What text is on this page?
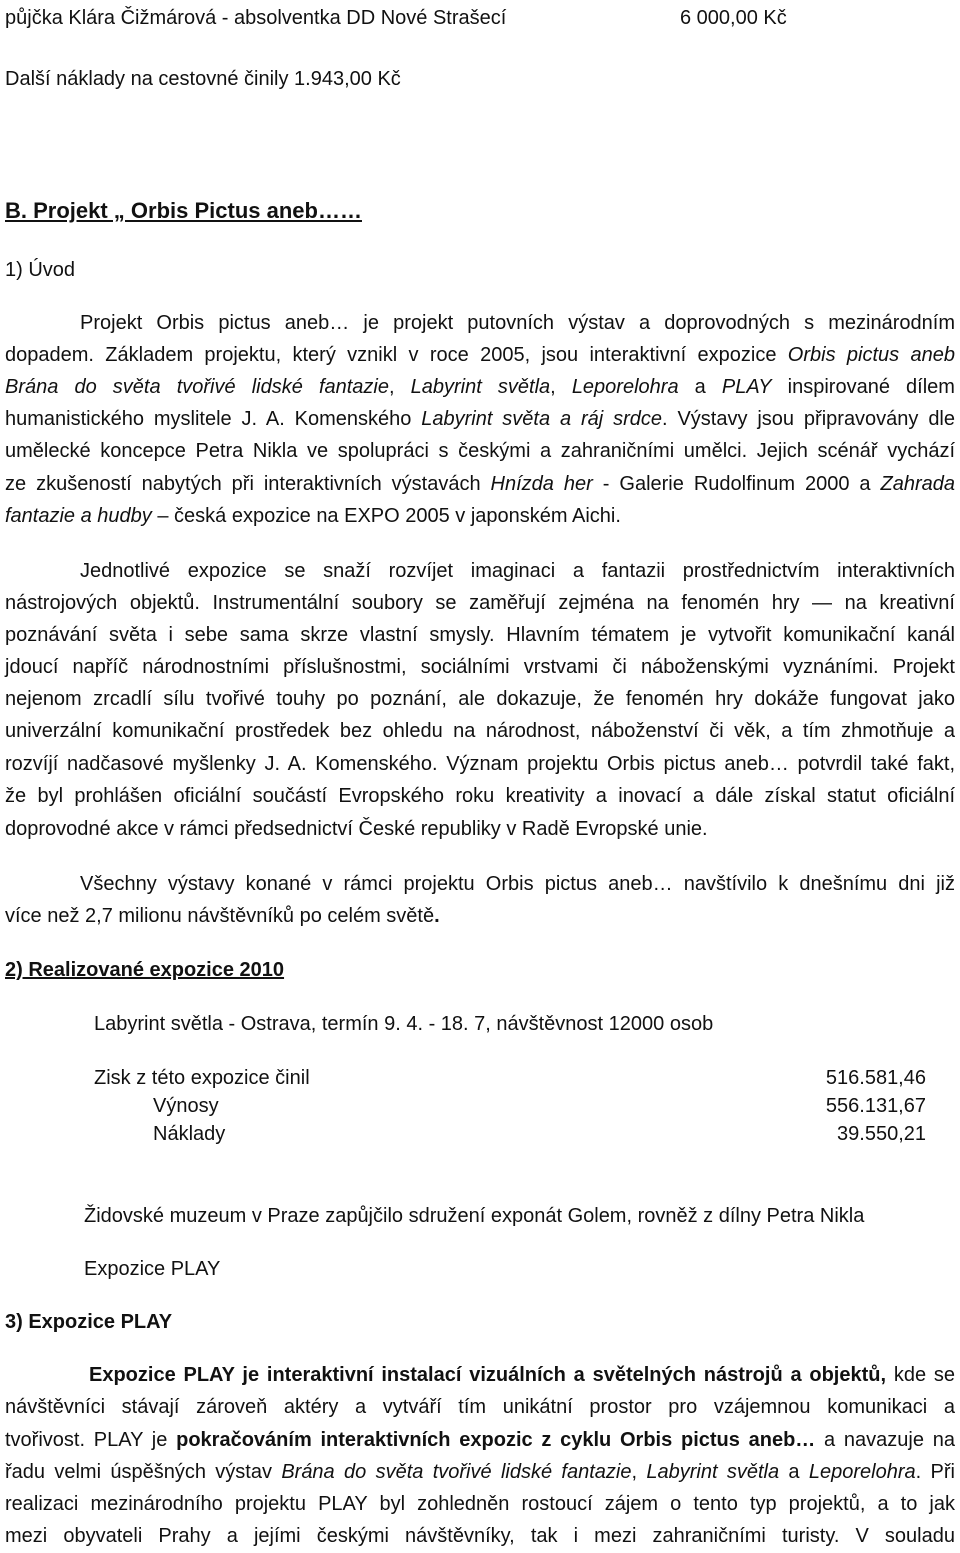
půjčka Klára Čižmárová - absolventka DD Nové Strašecí	6 000,00 Kč
Další náklady na cestovné činily 1.943,00 Kč
B. Projekt „ Orbis Pictus aneb……
1) Úvod
Projekt Orbis pictus aneb… je projekt putovních výstav a doprovodných s mezinárodním
dopadem. Základem projektu, který vznikl v roce 2005, jsou interaktivní expozice Orbis pictus aneb
Brána do světa tvořivé lidské fantazie, Labyrint světla, Leporelohra a PLAY inspirované dílem
humanistického myslitele J. A. Komenského Labyrint světa a ráj srdce. Výstavy jsou připravovány dle
umělecké koncepce Petra Nikla ve spolupráci s českými a zahraničními umělci. Jejich scénář vychází
ze zkušeností nabytých při interaktivních výstavách Hnízda her - Galerie Rudolfinum 2000 a Zahrada
fantazie a hudby – česká expozice na EXPO 2005 v japonském Aichi.
Jednotlivé expozice se snaží rozvíjet imaginaci a fantazii prostřednictvím interaktivních
nástrojových objektů. Instrumentální soubory se zaměřují zejména na fenomén hry — na kreativní
poznávání světa i sebe sama skrze vlastní smysly. Hlavním tématem je vytvořit komunikační kanál
jdoucí napříč národnostními příslušnostmi, sociálními vrstvami či náboženskými vyznáními. Projekt
nejenom zrcadlí sílu tvořivé touhy po poznání, ale dokazuje, že fenomén hry dokáže fungovat jako
univerzální komunikační prostředek bez ohledu na národnost, náboženství či věk, a tím zhmotňuje a
rozvíjí nadčasové myšlenky J. A. Komenského. Význam projektu Orbis pictus aneb… potvrdil také fakt,
že byl prohlášen oficiální součástí Evropského roku kreativity a inovací a dále získal statut oficiální
doprovodné akce v rámci předsednictví České republiky v Radě Evropské unie.
Všechny výstavy konané v rámci projektu Orbis pictus aneb… navštívilo k dnešnímu dni již
více než 2,7 milionu návštěvníků po celém světě.
2) Realizované expozice 2010
Labyrint světla - Ostrava, termín 9. 4. - 18. 7, návštěvnost 12000 osob
Zisk z této expozice činil	516.581,46
Výnosy	556.131,67
Náklady	39.550,21
Židovské muzeum v Praze zapůjčilo sdružení exponát Golem, rovněž z dílny Petra Nikla
Expozice PLAY
3) Expozice PLAY
Expozice PLAY je interaktivní instalací vizuálních a světelných nástrojů a objektů, kde se
návštěvníci stávají zároveň aktéry a vytváří tím unikátní prostor pro vzájemnou komunikaci a
tvořivost. PLAY je pokračováním interaktivních expozic z cyklu Orbis pictus aneb… a navazuje na
řadu velmi úspěšných výstav Brána do světa tvořivé lidské fantazie, Labyrint světla a Leporelohra. Při
realizaci mezinárodního projektu PLAY byl zohledněn rostoucí zájem o tento typ projektů, a to jak
mezi obyvateli Prahy a jejími českými návštěvníky, tak i mezi zahraničními turisty. V souladu
